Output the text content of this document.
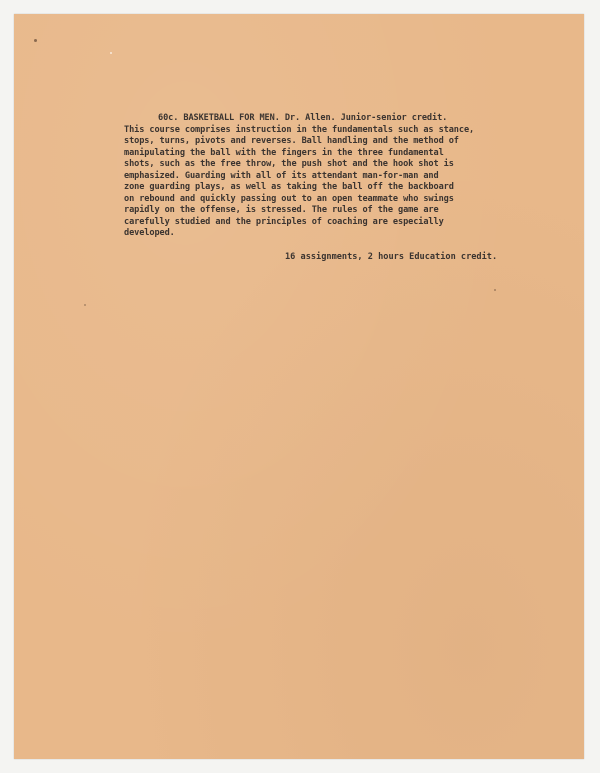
60c. BASKETBALL FOR MEN. Dr. Allen. Junior-senior credit.
This course comprises instruction in the fundamentals such as stance,
stops, turns, pivots and reverses. Ball handling and the method of
manipulating the ball with the fingers in the three fundamental
shots, such as the free throw, the push shot and the hook shot is
emphasized. Guarding with all of its attendant man-for-man and
zone guarding plays, as well as taking the ball off the backboard
on rebound and quickly passing out to an open teammate who swings
rapidly on the offense, is stressed. The rules of the game are
carefully studied and the principles of coaching are especially
developed.
16 assignments, 2 hours Education credit.
